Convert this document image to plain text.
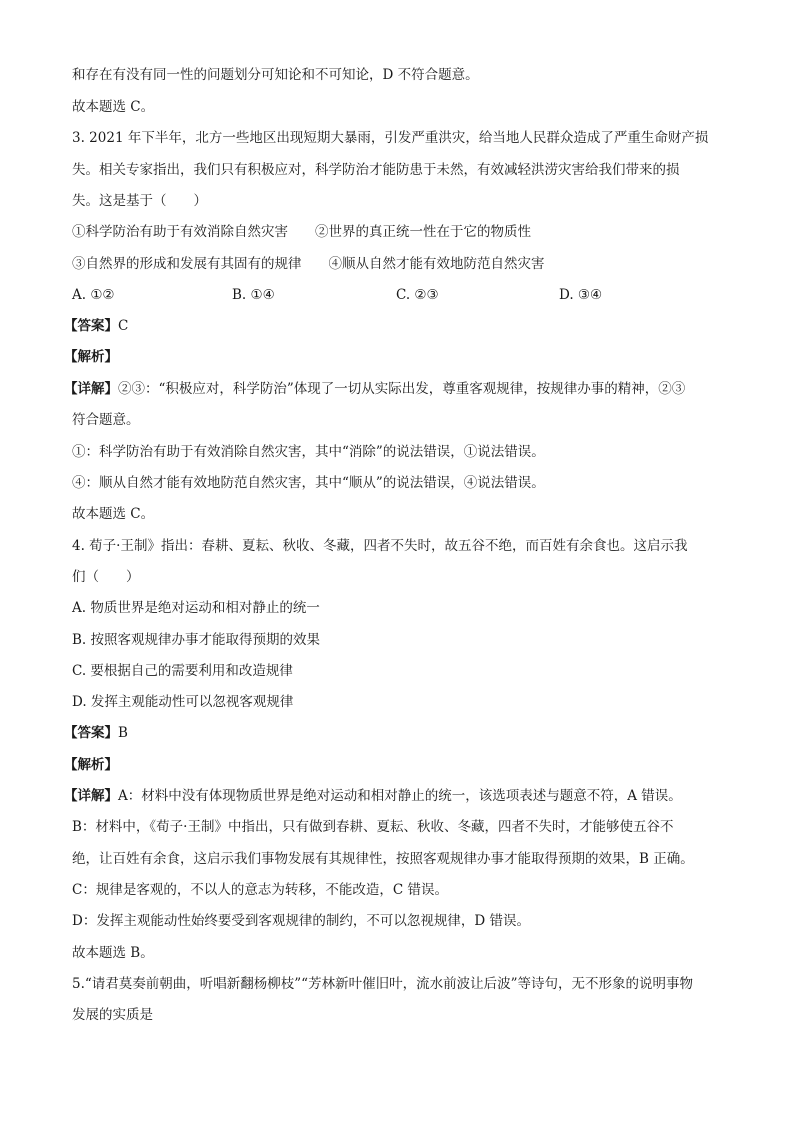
和存在有没有同一性的问题划分可知论和不可知论，D 不符合题意。
故本题选 C。
3. 2021 年下半年，北方一些地区出现短期大暴雨，引发严重洪灾，给当地人民群众造成了严重生命财产损
失。相关专家指出，我们只有积极应对，科学防治才能防患于未然，有效减轻洪涝灾害给我们带来的损
失。这是基于（　　）
①科学防治有助于有效消除自然灾害　　②世界的真正统一性在于它的物质性
③自然界的形成和发展有其固有的规律　　④顺从自然才能有效地防范自然灾害
A. ①②	B. ①④	C. ②③	D. ③④
【答案】C
【解析】
【详解】②③：“积极应对，科学防治”体现了一切从实际出发，尊重客观规律，按规律办事的精神，②③
符合题意。
①：科学防治有助于有效消除自然灾害，其中“消除”的说法错误，①说法错误。
④：顺从自然才能有效地防范自然灾害，其中“顺从”的说法错误，④说法错误。
故本题选 C。
4. 荀子·王制》指出：春耕、夏耘、秋收、冬藏，四者不失时，故五谷不绝，而百姓有余食也。这启示我
们（　　）
A. 物质世界是绝对运动和相对静止的统一
B. 按照客观规律办事才能取得预期的效果
C. 要根据自己的需要利用和改造规律
D. 发挥主观能动性可以忽视客观规律
【答案】B
【解析】
【详解】A：材料中没有体现物质世界是绝对运动和相对静止的统一，该选项表述与题意不符，A 错误。
B：材料中，《荀子·王制》中指出，只有做到春耕、夏耘、秋收、冬藏，四者不失时，才能够使五谷不
绝，让百姓有余食，这启示我们事物发展有其规律性，按照客观规律办事才能取得预期的效果，B 正确。
C：规律是客观的，不以人的意志为转移，不能改造，C 错误。
D：发挥主观能动性始终要受到客观规律的制约，不可以忽视规律，D 错误。
故本题选 B。
5.“请君莫奏前朝曲，听唱新翻杨柳枝”“芳林新叶催旧叶，流水前波让后波”等诗句，无不形象的说明事物
发展的实质是
